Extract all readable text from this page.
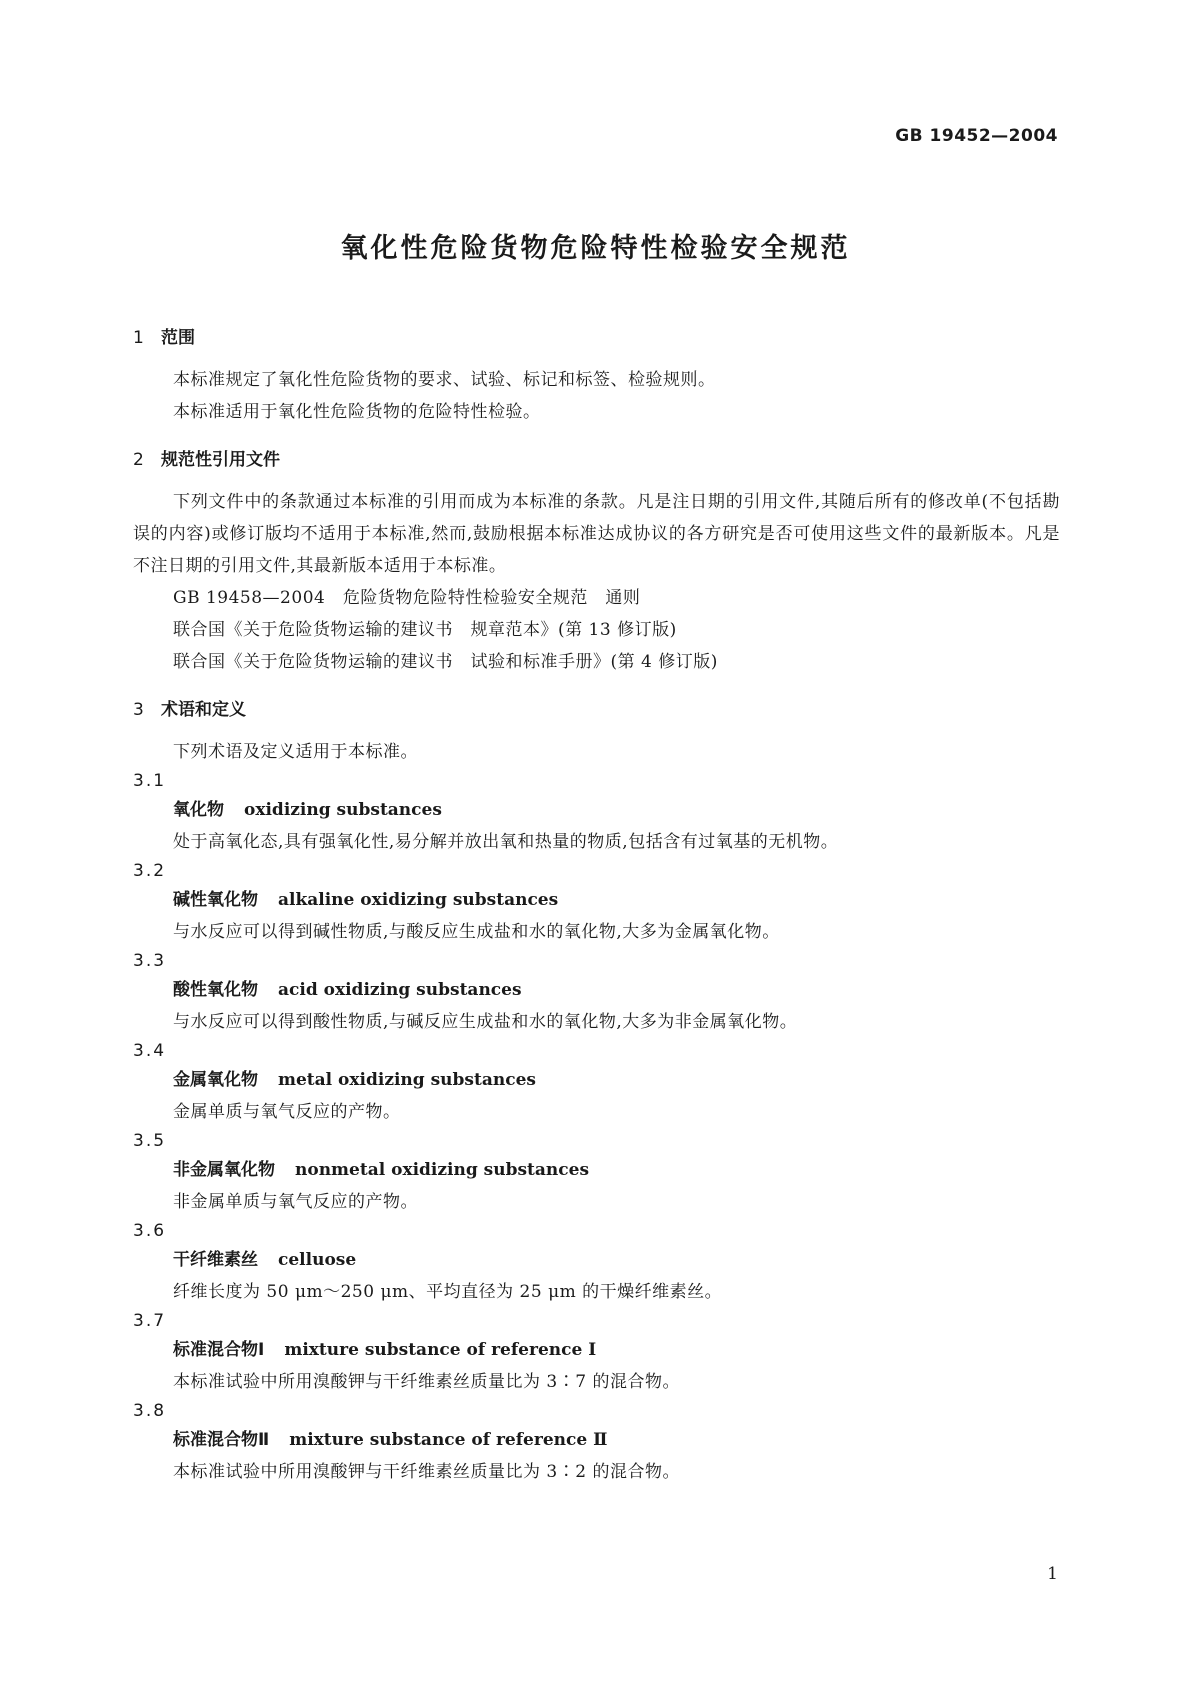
GB 19452—2004
氧化性危险货物危险特性检验安全规范
1	范围
本标准规定了氧化性危险货物的要求、试验、标记和标签、检验规则。
本标准适用于氧化性危险货物的危险特性检验。
2	规范性引用文件
下列文件中的条款通过本标准的引用而成为本标准的条款。凡是注日期的引用文件,其随后所有的修改单(不包括勘误的内容)或修订版均不适用于本标准,然而,鼓励根据本标准达成协议的各方研究是否可使用这些文件的最新版本。凡是不注日期的引用文件,其最新版本适用于本标准。
GB 19458—2004　危险货物危险特性检验安全规范　通则
联合国《关于危险货物运输的建议书　规章范本》(第 13 修订版)
联合国《关于危险货物运输的建议书　试验和标准手册》(第 4 修订版)
3	术语和定义
下列术语及定义适用于本标准。
3.1
氧化物 oxidizing substances
处于高氧化态,具有强氧化性,易分解并放出氧和热量的物质,包括含有过氧基的无机物。
3.2
碱性氧化物 alkaline oxidizing substances
与水反应可以得到碱性物质,与酸反应生成盐和水的氧化物,大多为金属氧化物。
3.3
酸性氧化物 acid oxidizing substances
与水反应可以得到酸性物质,与碱反应生成盐和水的氧化物,大多为非金属氧化物。
3.4
金属氧化物 metal oxidizing substances
金属单质与氧气反应的产物。
3.5
非金属氧化物 nonmetal oxidizing substances
非金属单质与氧气反应的产物。
3.6
干纤维素丝 celluose
纤维长度为 50 μm～250 μm、平均直径为 25 μm 的干燥纤维素丝。
3.7
标准混合物Ⅰ mixture substance of reference Ⅰ
本标准试验中所用溴酸钾与干纤维素丝质量比为 3∶7 的混合物。
3.8
标准混合物Ⅱ mixture substance of reference Ⅱ
本标准试验中所用溴酸钾与干纤维素丝质量比为 3∶2 的混合物。
1
